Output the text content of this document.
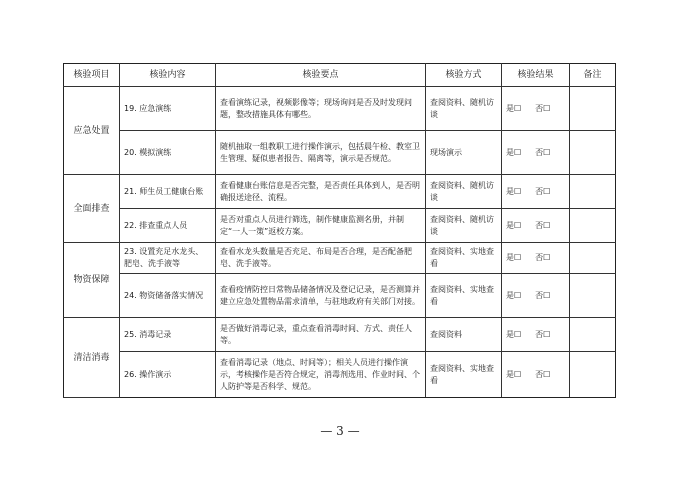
核验项目	核验内容	核验要点	核验方式	核验结果	备注
应急处置	19. 应急演练	查看演练记录，视频影像等；现场询问是否及时发现问题，整改措施具体有哪些。	查阅资料、随机访谈	是☐ 否☐	
	20. 模拟演练	随机抽取一组教职工进行操作演示，包括晨午检、教室卫生管理、疑似患者报告、隔离等，演示是否规范。	现场演示	是☐ 否☐	
全面排查	21. 师生员工健康台账	查看健康台账信息是否完整，是否责任具体到人，是否明确报送途径、流程。	查阅资料、随机访谈	是☐ 否☐	
	22. 排查重点人员	是否对重点人员进行筛选，制作健康监测名册，并制定“一人一策”返校方案。	查阅资料、随机访谈	是☐ 否☐	
物资保障	23. 设置充足水龙头、肥皂、洗手液等	查看水龙头数量是否充足、布局是否合理，是否配备肥皂、洗手液等。	查阅资料、实地查看	是☐ 否☐	
	24. 物资储备落实情况	查看疫情防控日常物品储备情况及登记记录，是否测算并建立应急处置物品需求清单，与驻地政府有关部门对接。	查阅资料、实地查看	是☐ 否☐	
清洁消毒	25. 消毒记录	是否做好消毒记录，重点查看消毒时间、方式、责任人等。	查阅资料	是☐ 否☐	
	26. 操作演示	查看消毒记录（地点、时间等）；相关人员进行操作演示，考核操作是否符合规定，消毒剂选用、作业时间、个人防护等是否科学、规范。	查阅资料、实地查看	是☐ 否☐	
— 3 —
